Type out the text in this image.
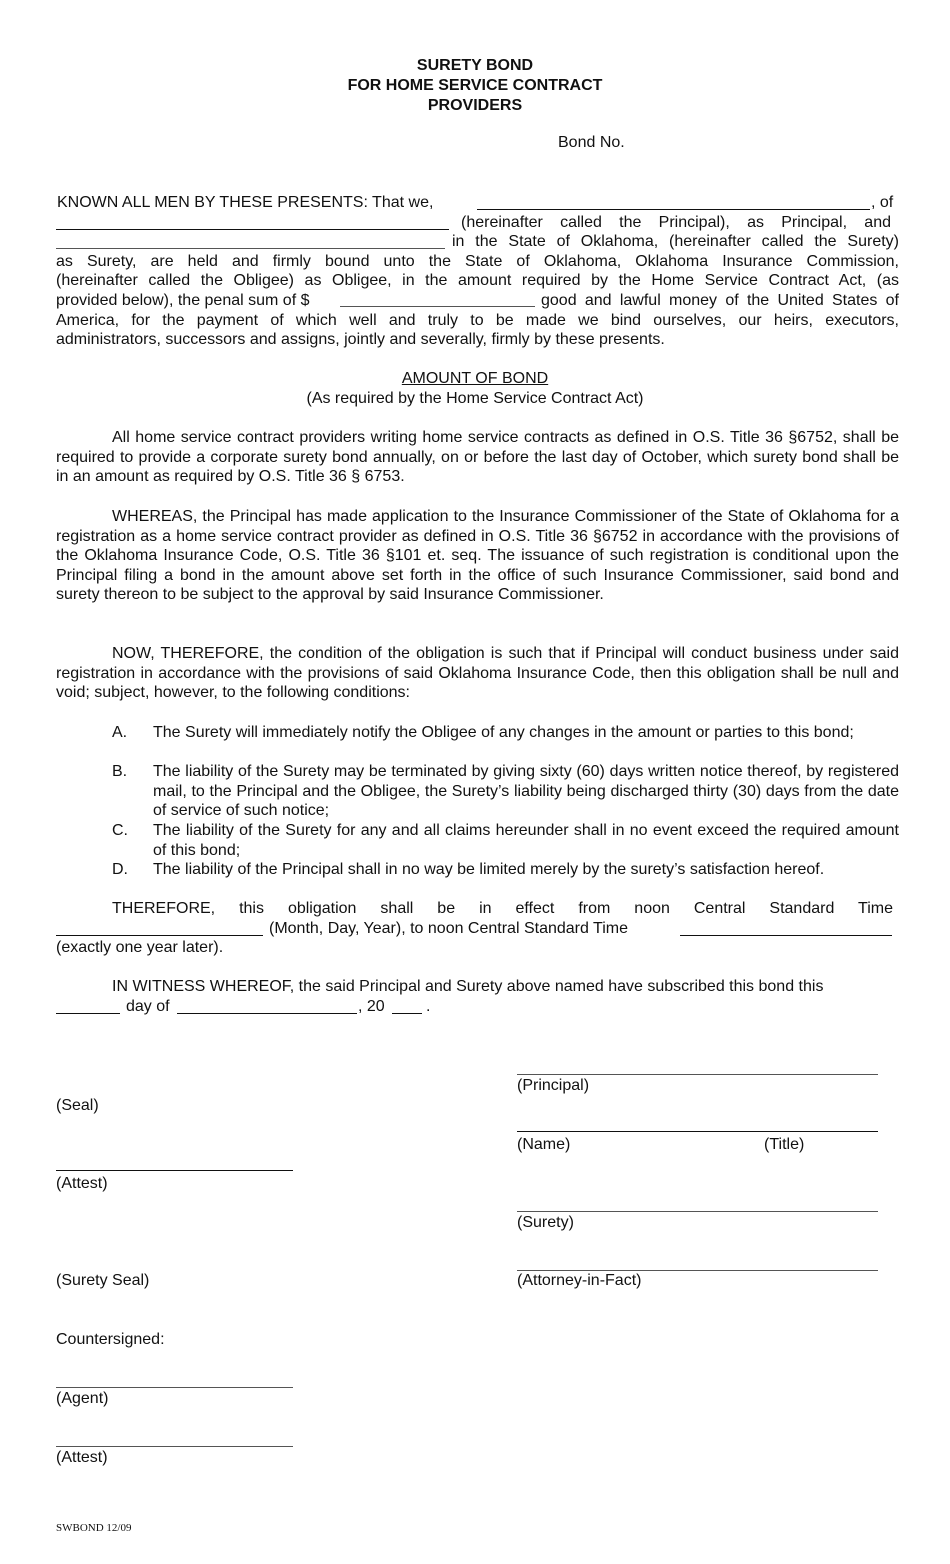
SURETY BOND
FOR HOME SERVICE CONTRACT
PROVIDERS
Bond No.
KNOWN ALL MEN BY THESE PRESENTS: That we,	, of
(hereinafter called the Principal), as Principal, and
in the State of Oklahoma, (hereinafter called the Surety)
as Surety, are held and firmly bound unto the State of Oklahoma, Oklahoma Insurance Commission,
(hereinafter called the Obligee) as Obligee, in the amount required by the Home Service Contract Act, (as
provided below), the penal sum of $	good and lawful money of the United States of
America, for the payment of which well and truly to be made we bind ourselves, our heirs, executors,
administrators, successors and assigns, jointly and severally, firmly by these presents.
AMOUNT OF BOND
(As required by the Home Service Contract Act)
All home service contract providers writing home service contracts as defined in O.S. Title 36 §6752, shall be required to provide a corporate surety bond annually, on or before the last day of October, which surety bond shall be in an amount as required by O.S. Title 36 § 6753.
WHEREAS, the Principal has made application to the Insurance Commissioner of the State of Oklahoma for a registration as a home service contract provider as defined in O.S. Title 36 §6752 in accordance with the provisions of the Oklahoma Insurance Code, O.S. Title 36 §101 et. seq. The issuance of such registration is conditional upon the Principal filing a bond in the amount above set forth in the office of such Insurance Commissioner, said bond and surety thereon to be subject to the approval by said Insurance Commissioner.
NOW, THEREFORE, the condition of the obligation is such that if Principal will conduct business under said registration in accordance with the provisions of said Oklahoma Insurance Code, then this obligation shall be null and void; subject, however, to the following conditions:
A. The Surety will immediately notify the Obligee of any changes in the amount or parties to this bond;
B. The liability of the Surety may be terminated by giving sixty (60) days written notice thereof, by registered mail, to the Principal and the Obligee, the Surety’s liability being discharged thirty (30) days from the date of service of such notice;
C. The liability of the Surety for any and all claims hereunder shall in no event exceed the required amount of this bond;
D. The liability of the Principal shall in no way be limited merely by the surety’s satisfaction hereof.
THEREFORE, this obligation shall be in effect from noon Central Standard Time
(Month, Day, Year), to noon Central Standard Time
(exactly one year later).
IN WITNESS WHEREOF, the said Principal and Surety above named have subscribed this bond this
day of	, 20	.
(Principal)
(Seal)
(Name)	(Title)
(Attest)
(Surety)
(Surety Seal)	(Attorney-in-Fact)
Countersigned:
(Agent)
(Attest)
SWBOND 12/09
